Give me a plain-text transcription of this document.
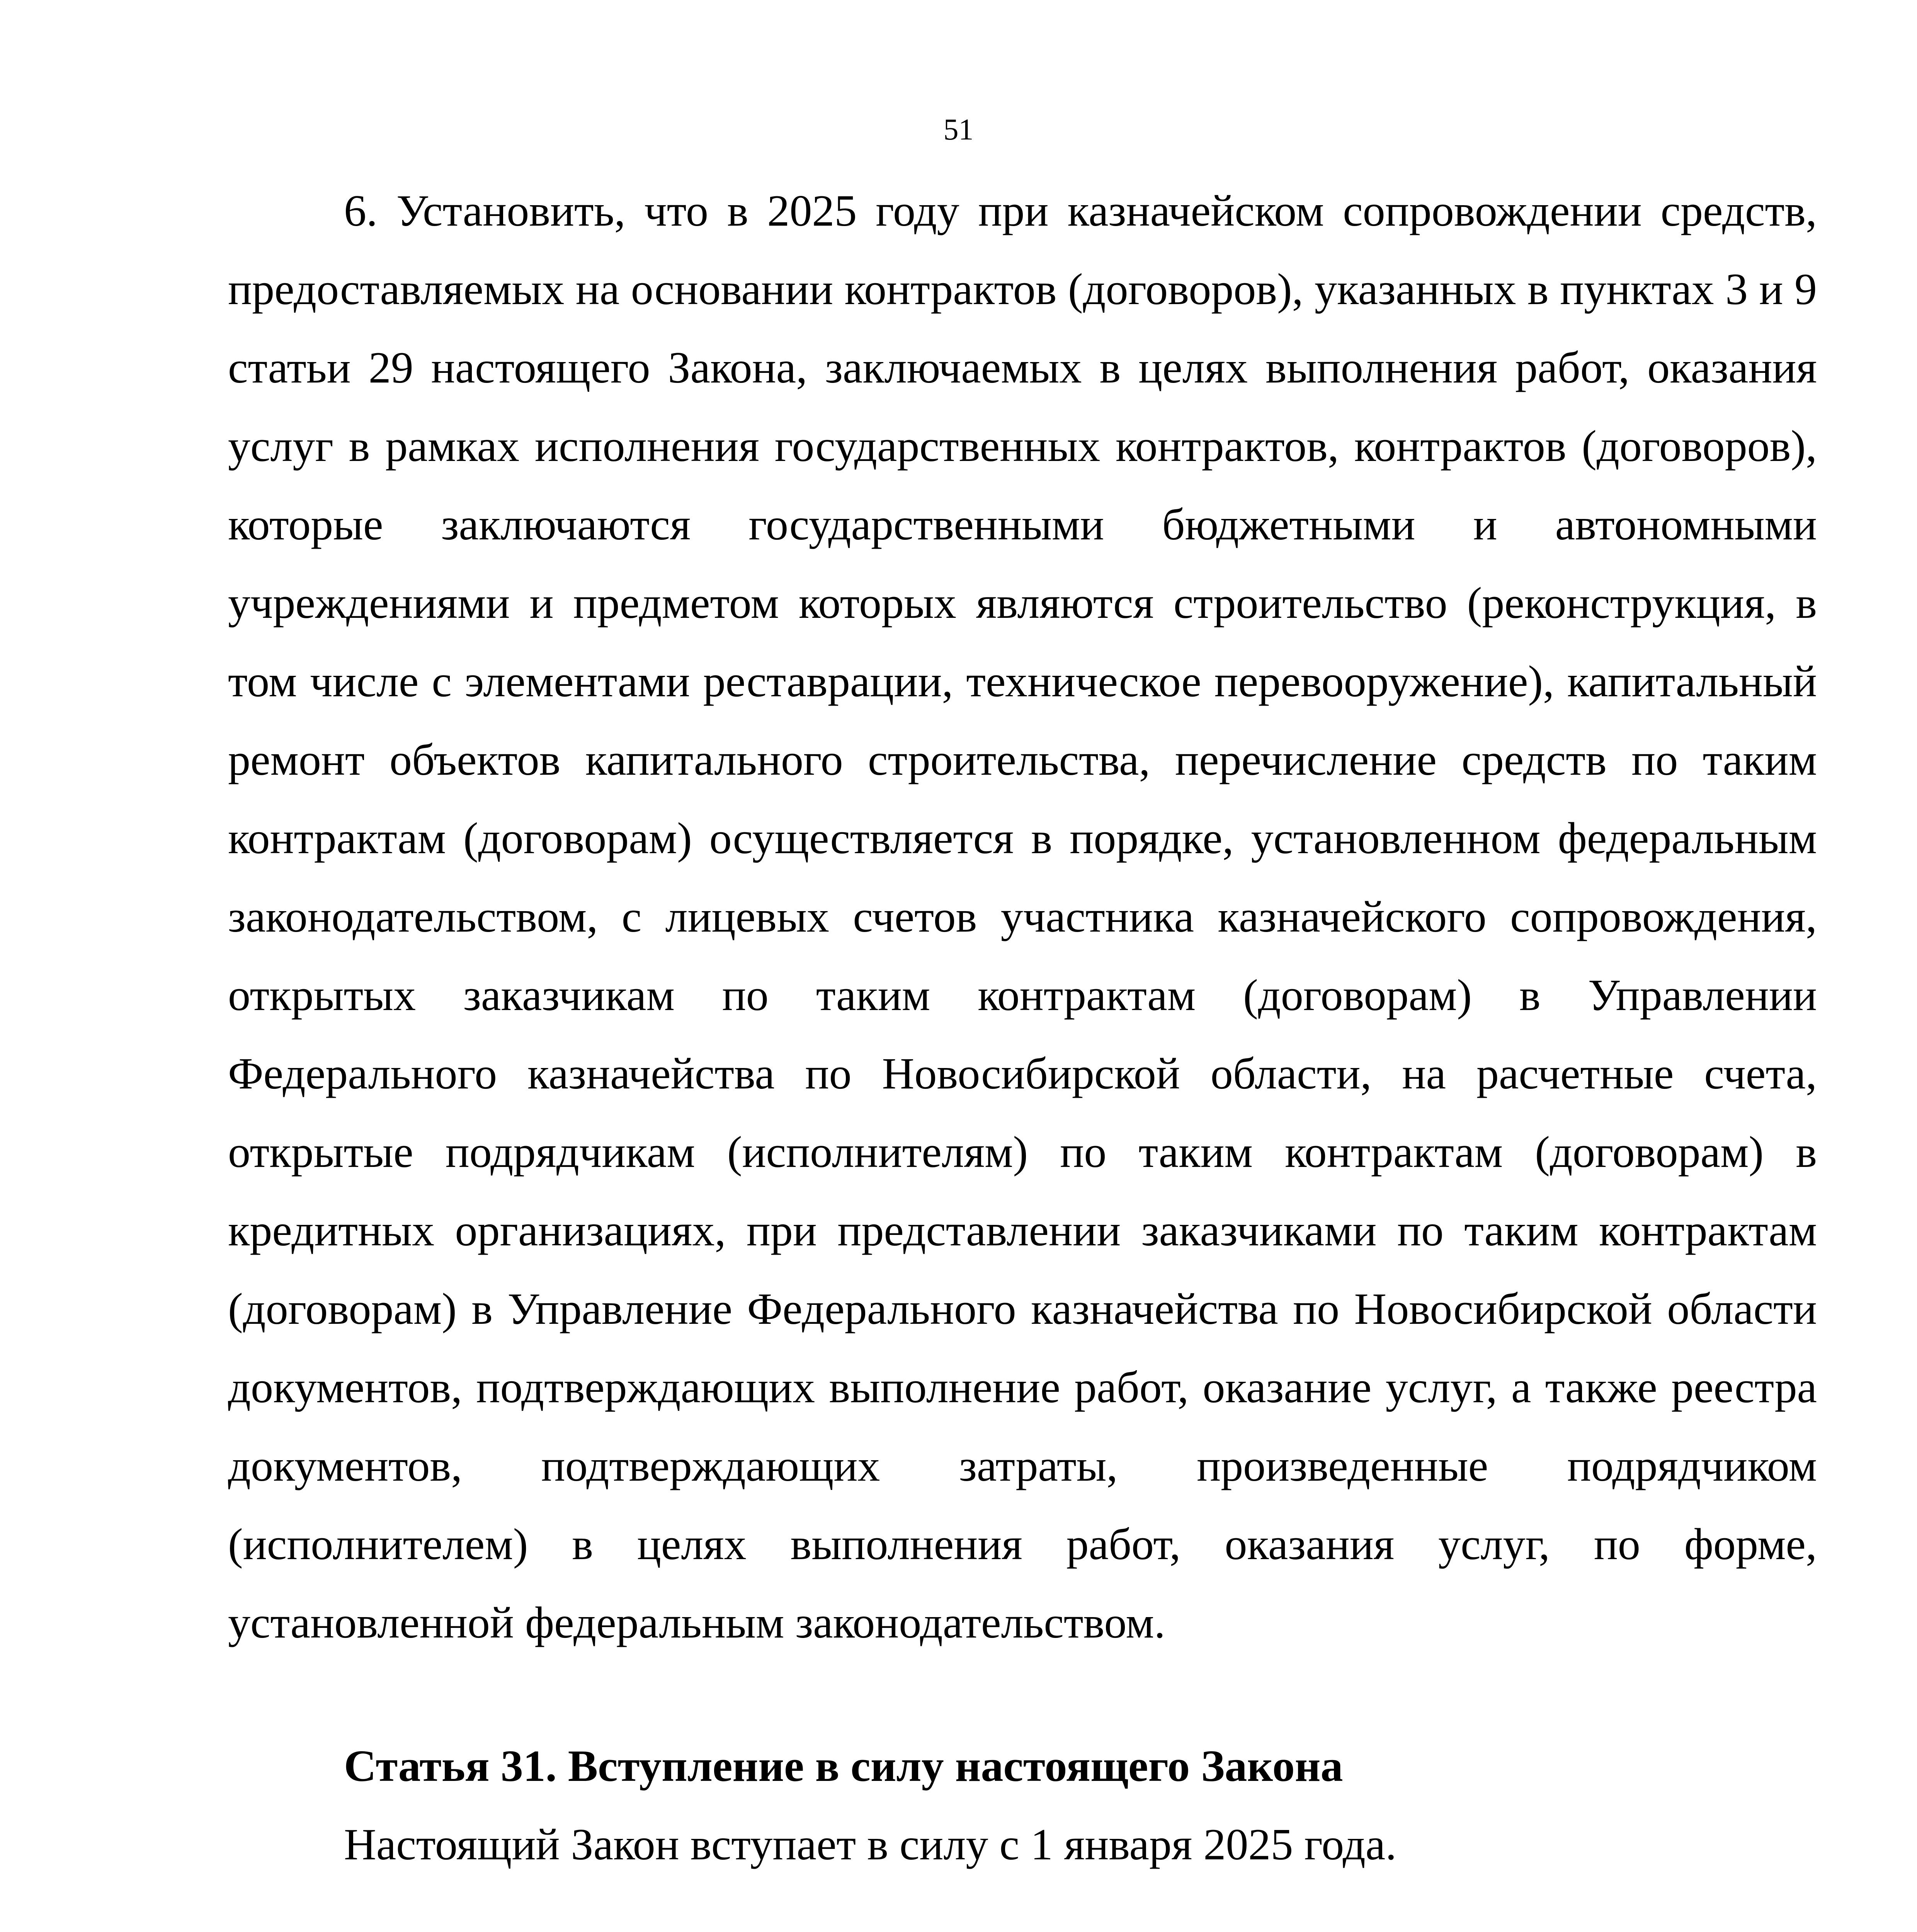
51

6. Установить, что в 2025 году при казначейском сопровождении средств, предоставляемых на основании контрактов (договоров), указанных в пунктах 3 и 9 статьи 29 настоящего Закона, заключаемых в целях выполнения работ, оказания услуг в рамках исполнения государственных контрактов, контрактов (договоров), которые заключаются государственными бюджетными и автономными учреждениями и предметом которых являются строительство (реконструкция, в том числе с элементами реставрации, техническое перевооружение), капитальный ремонт объектов капитального строительства, перечисление средств по таким контрактам (договорам) осуществляется в порядке, установленном федеральным законодательством, с лицевых счетов участника казначейского сопровождения, открытых заказчикам по таким контрактам (договорам) в Управлении Федерального казначейства по Новосибирской области, на расчетные счета, открытые подрядчикам (исполнителям) по таким контрактам (договорам) в кредитных организациях, при представлении заказчиками по таким контрактам (договорам) в Управление Федерального казначейства по Новосибирской области документов, подтверждающих выполнение работ, оказание услуг, а также реестра документов, подтверждающих затраты, произведенные подрядчиком (исполнителем) в целях выполнения работ, оказания услуг, по форме, установленной федеральным законодательством.

Статья 31. Вступление в силу настоящего Закона

Настоящий Закон вступает в силу с 1 января 2025 года.
